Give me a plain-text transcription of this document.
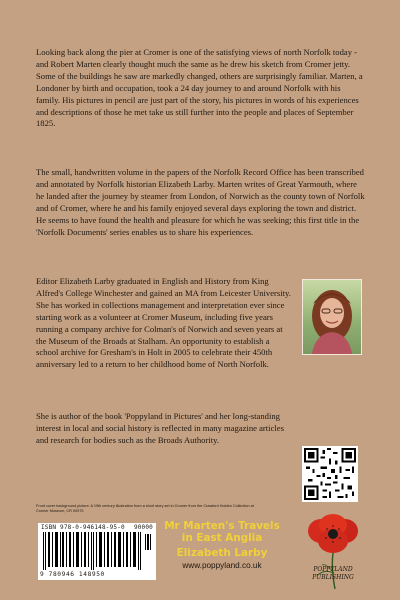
Looking back along the pier at Cromer is one of the satisfying views of north Norfolk today - and Robert Marten clearly thought much the same as he drew his sketch from Cromer jetty. Some of the buildings he saw are markedly changed, others are surprisingly familiar. Marten, a Londoner by birth and occupation, took a 24 day journey to and around Norfolk with his family. His pictures in pencil are just part of the story, his pictures in words of his experiences and descriptions of those he met take us still further into the people and places of September 1825.

The small, handwritten volume in the papers of the Norfolk Record Office has been transcribed and annotated by Norfolk historian Elizabeth Larby. Marten writes of Great Yarmouth, where he landed after the journey by steamer from London, of Norwich as the county town of Norfolk and of Cromer, where he and his family enjoyed several days exploring the town and district. He seems to have found the health and pleasure for which he was seeking; this first title in the 'Norfolk Documents' series enables us to share his experiences.

Editor Elizabeth Larby graduated in English and History from King Alfred's College Winchester and gained an MA from Leicester University. She has worked in collections management and interpretation ever since starting work as a volunteer at Cromer Museum, including five years running a company archive for Colman's of Norwich and seven years at the Museum of the Broads at Stalham. An opportunity to establish a school archive for Gresham's in Holt in 2005 to celebrate their 450th anniversary led to a return to her childhood home of North Norfolk.

She is author of the book 'Poppyland in Pictures' and her long-standing interest in local and social history is reflected in many magazine articles and research for bodies such as the Broads Authority.

Front cover background picture: A 19th century illustration from a short story set in Cromer from the Crawford Holden Collection at Cromer Museum, CR 00975

ISBN 978-0-946148-95-0 90000
9 780946 148950
Mr Marten's Travels
in East Anglia
Elizabeth Larby
www.poppyland.co.uk	POPPYLAND
PUBLISHING
